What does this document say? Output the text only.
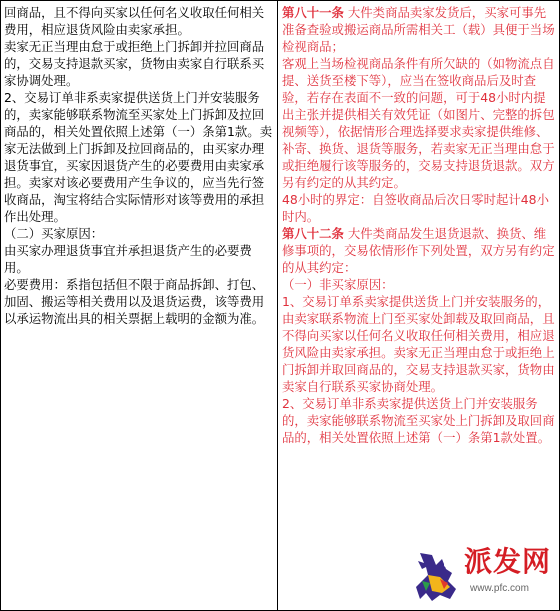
回商品，且不得向买家以任何名义收取任何相关费用，相应退货风险由卖家承担。

卖家无正当理由怠于或拒绝上门拆卸并拉回商品的，交易支持退款买家，货物由卖家自行联系买家协调处理。

2、交易订单非系卖家提供送货上门并安装服务的，卖家能够联系物流至买家处上门拆卸及拉回商品的，相关处置依照上述第（一）条第1款。卖家无法做到上门拆卸及拉回商品的，由买家办理退货事宜，买家因退货产生的必要费用由卖家承担。卖家对该必要费用产生争议的，应当先行签收商品，淘宝将结合实际情形对该等费用的承担作出处理。

（二）买家原因：

由买家办理退货事宜并承担退货产生的必要费用。

必要费用：系指包括但不限于商品拆卸、打包、加固、搬运等相关费用以及退货运费，该等费用以承运物流出具的相关票据上载明的金额为准。

第八十一条 大件类商品卖家发货后，买家可事先准备查验或搬运商品所需相关工（载）具便于当场检视商品；

客观上当场检视商品条件有所欠缺的（如物流点自提、送货至楼下等），应当在签收商品后及时查验，若存在表面不一致的问题，可于48小时内提出主张并提供相关有效凭证（如图片、完整的拆包视频等），依据情形合理选择要求卖家提供维修、补寄、换货、退货等服务，若卖家无正当理由怠于或拒绝履行该等服务的，交易支持退货退款。双方另有约定的从其约定。

48小时的界定：自签收商品后次日零时起计48小时内。

第八十二条 大件类商品发生退货退款、换货、维修事项的，交易依情形作下列处置，双方另有约定的从其约定：

（一）非买家原因：

1、交易订单系卖家提供送货上门并安装服务的，由卖家联系物流上门至买家处卸载及取回商品，且不得向买家以任何名义收取任何相关费用，相应退货风险由卖家承担。卖家无正当理由怠于或拒绝上门拆卸并取回商品的，交易支持退款买家，货物由卖家自行联系买家协商处理。

2、交易订单非系卖家提供送货上门并安装服务的，卖家能够联系物流至买家处上门拆卸及取回商品的，相关处置依照上述第（一）条第1款处置。

派发网
www.pfc.com
